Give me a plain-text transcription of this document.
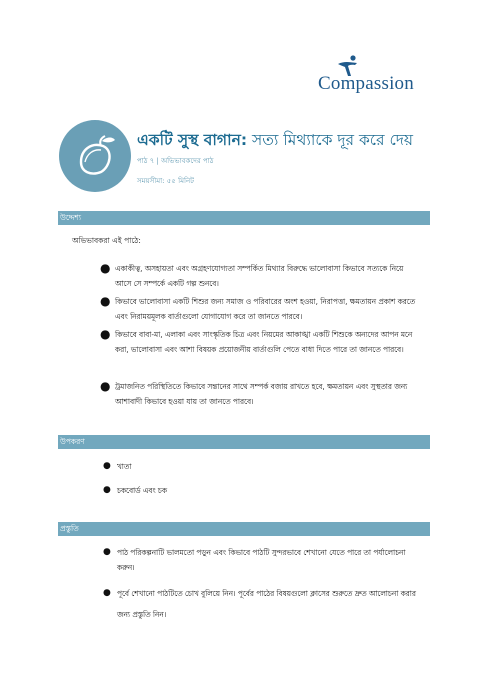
Compassion
একটি সুস্থ বাগান: সত্য মিথ্যাকে দূর করে দেয়
পাঠ ৭ | অভিভাবকদের পাঠ
সময়সীমা: ৫৫ মিনিট
উদ্দেশ্য
অভিভাবকরা এই পাঠে:
● একাকীত্ব, অসহায়তা এবং অগ্রহণযোগ্যতা সম্পর্কিত মিথ্যার বিরুদ্ধে ভালোবাসা কিভাবে সত্যকে নিয়ে আসে সে সম্পর্কে একটি গল্প শুনবে।
● কিভাবে ভালোবাসা একটি শিশুর জন্য সমাজ ও পরিবারের অংশ হওয়া, নিরাপত্তা, ক্ষমতায়ন প্রকাশ করতে এবং নিরাময়মূলক বার্তাগুলো যোগাযোগ করে তা জানতে পারবে।
● কিভাবে বাবা-মা, এলাকা এবং সাংস্কৃতিক চিত্র এবং নিয়মের আকাঙ্খা একটি শিশুকে অন্যদের আপন মনে করা, ভালোবাসা এবং আশা বিষয়ক প্রয়োজনীয় বার্তাগুলি পেতে বাধা দিতে পারে তা জানতে পারবে।
● ট্রমাজনিত পরিস্থিতিতে কিভাবে সন্তানের সাথে সম্পর্ক বজায় রাখতে হবে, ক্ষমতায়ন এবং সুস্থতার জন্য আশাবাদী কিভাবে হওয়া যায় তা জানতে পারবে।
উপকরণ
● খাতা
● চকবোর্ড এবং চক
প্রস্তুতি
● পাঠ পরিকল্পনাটি ভালমতো পড়ুন এবং কিভাবে পাঠটি সুন্দরভাবে শেখানো যেতে পারে তা পর্যালোচনা করুন।
● পূর্বে শেখানো পাঠটিতে চোখ বুলিয়ে নিন। পূর্বের পাঠের বিষয়গুলো ক্লাসের শুরুতে দ্রুত আলোচনা করার জন্য প্রস্তুতি নিন।
